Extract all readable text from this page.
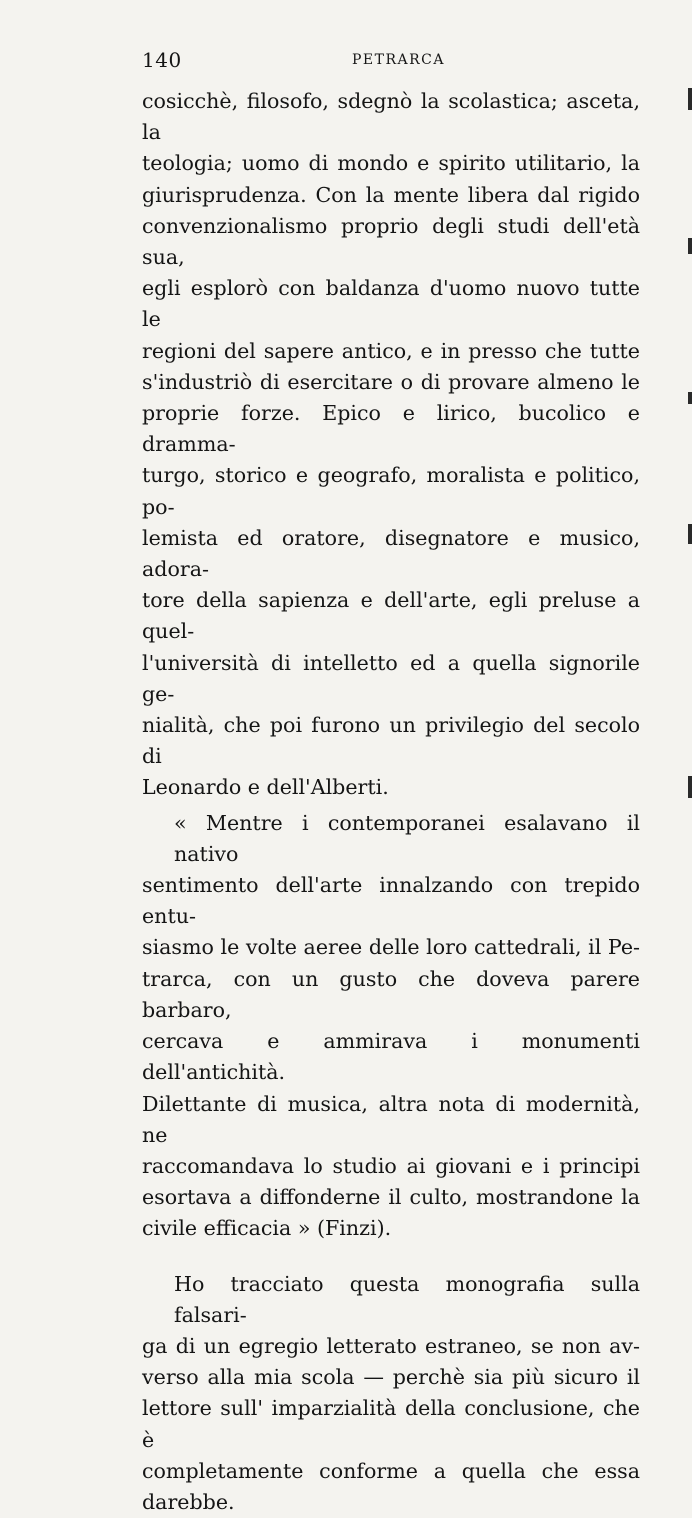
140	PETRARCA

cosicchè, filosofo, sdegnò la scolastica; asceta, la
teologia; uomo di mondo e spirito utilitario, la
giurisprudenza. Con la mente libera dal rigido
convenzionalismo proprio degli studi dell'età sua,
egli esplorò con baldanza d'uomo nuovo tutte le
regioni del sapere antico, e in presso che tutte
s'industriò di esercitare o di provare almeno le
proprie forze. Epico e lirico, bucolico e dramma-
turgo, storico e geografo, moralista e politico, po-
lemista ed oratore, disegnatore e musico, adora-
tore della sapienza e dell'arte, egli preluse a quel-
l'università di intelletto ed a quella signorile ge-
nialità, che poi furono un privilegio del secolo di
Leonardo e dell'Alberti.

« Mentre i contemporanei esalavano il nativo
sentimento dell'arte innalzando con trepido entu-
siasmo le volte aeree delle loro cattedrali, il Pe-
trarca, con un gusto che doveva parere barbaro,
cercava e ammirava i monumenti dell'antichità.
Dilettante di musica, altra nota di modernità, ne
raccomandava lo studio ai giovani e i principi
esortava a diffonderne il culto, mostrandone la
civile efficacia » (Finzi).

Ho tracciato questa monografia sulla falsari-
ga di un egregio letterato estraneo, se non av-
verso alla mia scola — perchè sia più sicuro il
lettore sull' imparzialità della conclusione, che è
completamente conforme a quella che essa darebbe.
